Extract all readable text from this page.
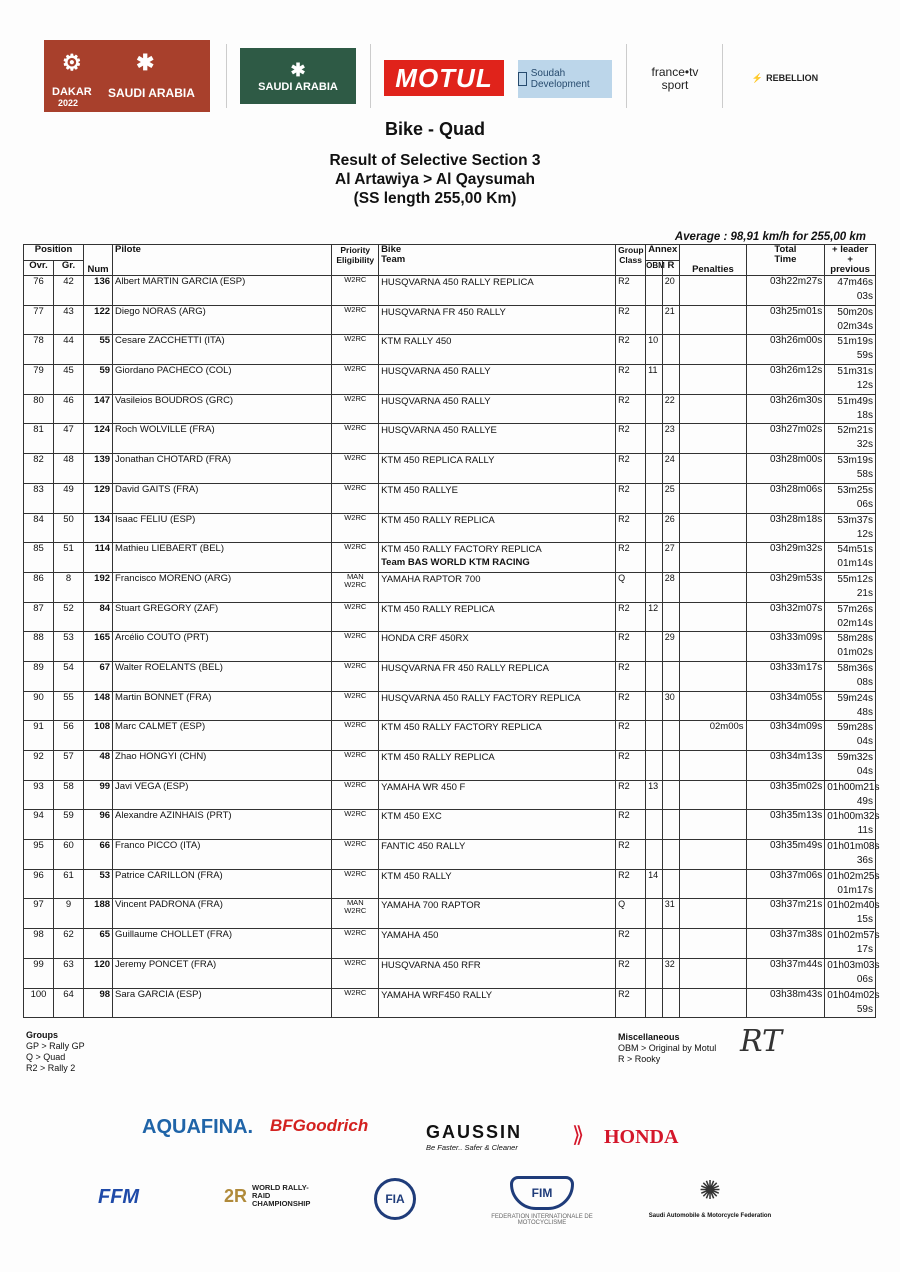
⚙ ✱
DAKAR
2022
SAUDI ARABIA
✱
SAUDI ARABIA MOTUL	Soudah Development
france•tv
sport
⚡ REBELLION
Bike - Quad
Result of Selective Section 3
Al Artawiya > Al Qaysumah
(SS length 255,00 Km)
Average : 98,91 km/h for 255,00 km
Position		Num	Pilote	Priority
Eligibility	Bike
Team	Group
Class	Annex		Penalties	Total
Time	+ leader
+ previous
Ovr.	Gr.						OBM	R			
76	42	136	Albert MARTIN GARCIA (ESP)	W2RC	HUSQVARNA 450 RALLY REPLICA	R2		20		03h22m27s	47m46s
03s

77	43	122	Diego NORAS (ARG)	W2RC	HUSQVARNA FR 450 RALLY	R2		21		03h25m01s	50m20s
02m34s

78	44	55	Cesare ZACCHETTI (ITA)	W2RC	KTM RALLY 450	R2	10			03h26m00s	51m19s
59s

79	45	59	Giordano PACHECO (COL)	W2RC	HUSQVARNA 450 RALLY	R2	11			03h26m12s	51m31s
12s

80	46	147	Vasileios BOUDROS (GRC)	W2RC	HUSQVARNA 450 RALLY	R2		22		03h26m30s	51m49s
18s

81	47	124	Roch WOLVILLE (FRA)	W2RC	HUSQVARNA 450 RALLYE	R2		23		03h27m02s	52m21s
32s

82	48	139	Jonathan CHOTARD (FRA)	W2RC	KTM 450 REPLICA RALLY	R2		24		03h28m00s	53m19s
58s

83	49	129	David GAITS (FRA)	W2RC	KTM 450 RALLYE	R2		25		03h28m06s	53m25s
06s

84	50	134	Isaac FELIU (ESP)	W2RC	KTM 450 RALLY REPLICA	R2		26		03h28m18s	53m37s
12s

85	51	114	Mathieu LIEBAERT (BEL)	W2RC	KTM 450 RALLY FACTORY REPLICA
Team BAS WORLD KTM RACING	R2		27		03h29m32s	54m51s
01m14s

86	8	192	Francisco MORENO (ARG)	MAN
W2RC	YAMAHA RAPTOR 700	Q		28		03h29m53s	55m12s
21s

87	52	84	Stuart GREGORY (ZAF)	W2RC	KTM 450 RALLY REPLICA	R2	12			03h32m07s	57m26s
02m14s

88	53	165	Arcélio COUTO (PRT)	W2RC	HONDA CRF 450RX	R2		29		03h33m09s	58m28s
01m02s

89	54	67	Walter ROELANTS (BEL)	W2RC	HUSQVARNA FR 450 RALLY REPLICA	R2				03h33m17s	58m36s
08s

90	55	148	Martin BONNET (FRA)	W2RC	HUSQVARNA 450 RALLY FACTORY REPLICA	R2		30		03h34m05s	59m24s
48s

91	56	108	Marc CALMET (ESP)	W2RC	KTM 450 RALLY FACTORY REPLICA	R2			02m00s	03h34m09s	59m28s
04s

92	57	48	Zhao HONGYI (CHN)	W2RC	KTM 450 RALLY REPLICA	R2				03h34m13s	59m32s
04s

93	58	99	Javi VEGA (ESP)	W2RC	YAMAHA WR 450 F	R2	13			03h35m02s	01h00m21s
49s

94	59	96	Alexandre AZINHAIS (PRT)	W2RC	KTM 450 EXC	R2				03h35m13s	01h00m32s
11s

95	60	66	Franco PICCO (ITA)	W2RC	FANTIC 450 RALLY	R2				03h35m49s	01h01m08s
36s

96	61	53	Patrice CARILLON (FRA)	W2RC	KTM 450 RALLY	R2	14			03h37m06s	01h02m25s
01m17s

97	9	188	Vincent PADRONA (FRA)	MAN
W2RC	YAMAHA 700 RAPTOR	Q		31		03h37m21s	01h02m40s
15s

98	62	65	Guillaume CHOLLET (FRA)	W2RC	YAMAHA 450	R2				03h37m38s	01h02m57s
17s

99	63	120	Jeremy PONCET (FRA)	W2RC	HUSQVARNA 450 RFR	R2		32		03h37m44s	01h03m03s
06s

100	64	98	Sara GARCIA (ESP)	W2RC	YAMAHA WRF450 RALLY	R2				03h38m43s	01h04m02s
59s
Groups
GP > Rally GP
Q > Quad
R2 > Rally 2
Miscellaneous
OBM > Original by Motul
R > Rooky	RT
AQUAFINA. BFGoodrich	GAUSSIN
Be Faster.. Safer & Cleaner
⟫ HONDA
FFM	2R WORLD RALLY-RAID CHAMPIONSHIP	FIA	FIM
FEDERATION INTERNATIONALE DE MOTOCYCLISME
✺
Saudi Automobile & Motorcycle Federation
